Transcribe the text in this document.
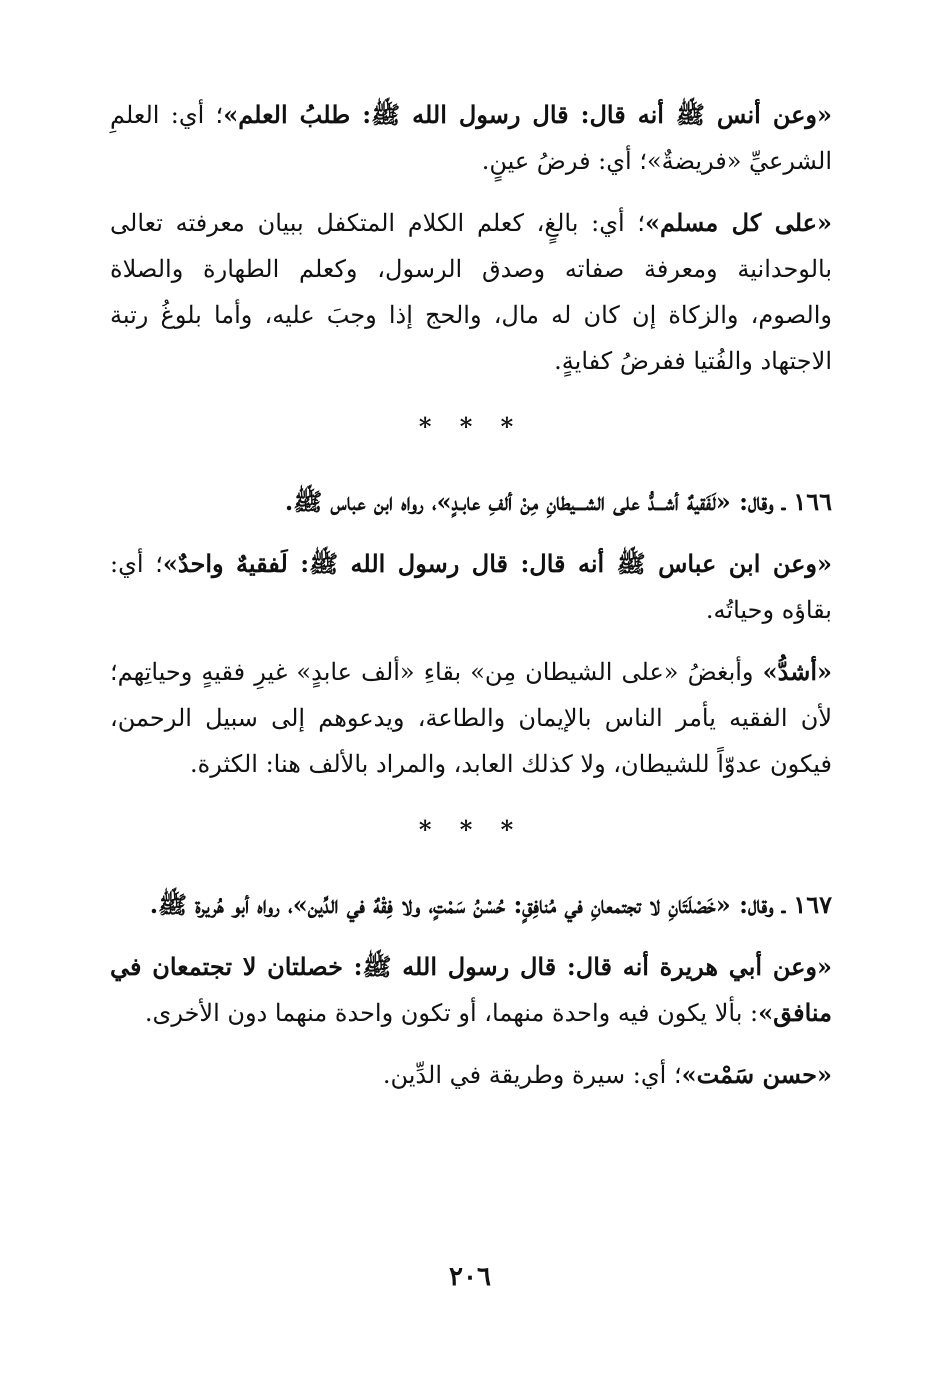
«وعن أنس ﷺ أنه قال: قال رسول الله ﷺ: طلبُ العلم»؛ أي: العلمِ الشرعيِّ «فريضةٌ»؛ أي: فرضُ عينٍ.

«على كل مسلم»؛ أي: بالغٍ، كعلم الكلام المتكفل ببيان معرفته تعالى بالوحدانية ومعرفة صفاته وصدق الرسول، وكعلم الطهارة والصلاة والصوم، والزكاة إن كان له مال، والحج إذا وجبَ عليه، وأما بلوغُ رتبة الاجتهاد والفُتيا ففرضُ كفايةٍ.

* * *

١٦٦ ـ وقال: «لَفَقيهٌ أشـــدُّ على الشـــيطانِ مِنْ ألفِ عابـدٍ»، رواه ابن عباس ﷺ.

«وعن ابن عباس ﷺ أنه قال: قال رسول الله ﷺ: لَفقيهٌ واحدٌ»؛ أي: بقاؤه وحياتُه.

«أشدُّ» وأبغضُ «على الشيطان مِن» بقاءِ «ألف عابدٍ» غيرِ فقيهٍ وحياتِهم؛ لأن الفقيه يأمر الناس بالإيمان والطاعة، ويدعوهم إلى سبيل الرحمن، فيكون عدوّاً للشيطان، ولا كذلك العابد، والمراد بالألف هنا: الكثرة.

* * *

١٦٧ ـ وقال: «خَصْلَتَانِ لا تجتمعانِ في مُنافِقٍ: حُسْنُ سَمْتٍ، ولا فِقْهٌ في الدِّين»، رواه أبو هُريرة ﷺ.

«وعن أبي هريرة أنه قال: قال رسول الله ﷺ: خصلتان لا تجتمعان في منافق»: بألا يكون فيه واحدة منهما، أو تكون واحدة منهما دون الأخرى.

«حسن سَمْت»؛ أي: سيرة وطريقة في الدِّين.

٢٠٦
